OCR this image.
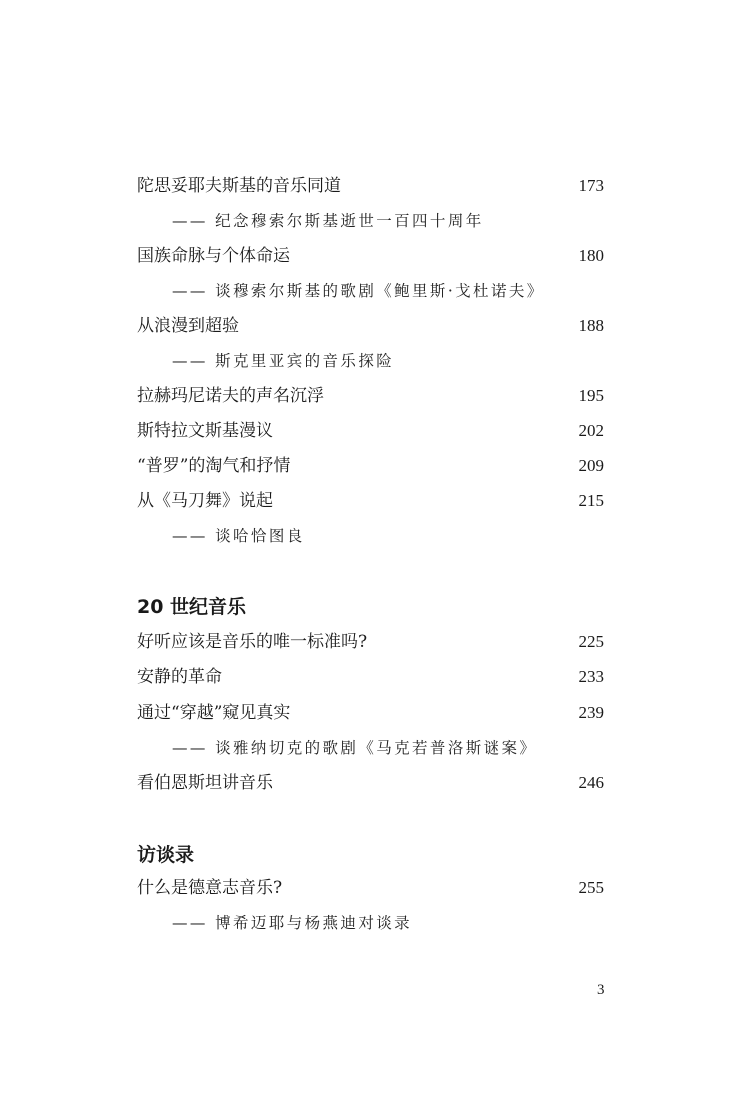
陀思妥耶夫斯基的音乐同道	173
—— 纪念穆索尔斯基逝世一百四十周年
国族命脉与个体命运	180
—— 谈穆索尔斯基的歌剧《鲍里斯·戈杜诺夫》
从浪漫到超验	188
—— 斯克里亚宾的音乐探险
拉赫玛尼诺夫的声名沉浮	195
斯特拉文斯基漫议	202
“普罗”的淘气和抒情	209
从《马刀舞》说起	215
—— 谈哈恰图良
20 世纪音乐
好听应该是音乐的唯一标准吗?	225
安静的革命	233
通过“穿越”窥见真实	239
—— 谈雅纳切克的歌剧《马克若普洛斯谜案》
看伯恩斯坦讲音乐	246
访谈录
什么是德意志音乐?	255
—— 博希迈耶与杨燕迪对谈录
3
